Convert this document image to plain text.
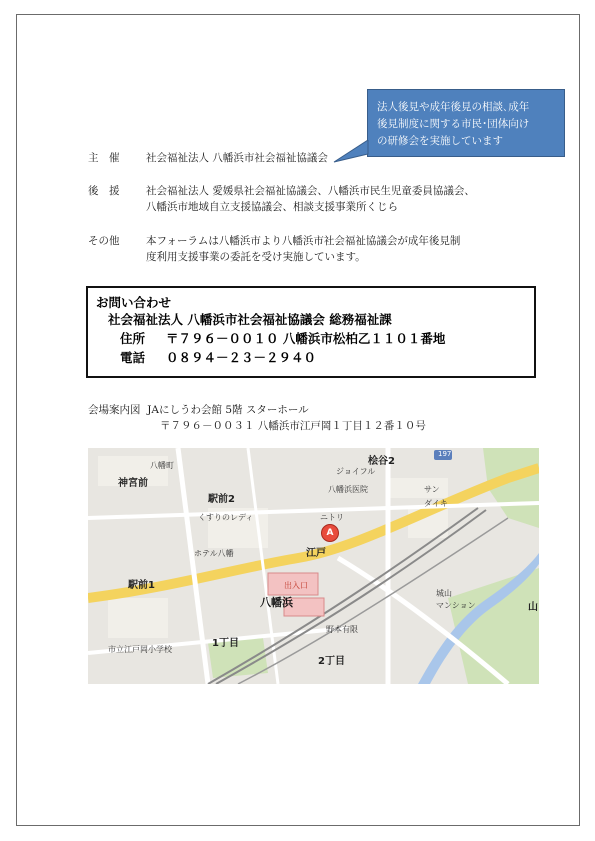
法人後見や成年後見の相談､成年
後見制度に関する市民･団体向け
の研修会を実施しています
主　催	社会福祉法人 八幡浜市社会福祉協議会
後　援	社会福祉法人 愛媛県社会福祉協議会、八幡浜市民生児童委員協議会、
八幡浜市地域自立支援協議会、相談支援事業所くじら
その他	本フォーラムは八幡浜市より八幡浜市社会福祉協議会が成年後見制
度利用支援事業の委託を受け実施しています。
お問い合わせ
社会福祉法人 八幡浜市社会福祉協議会 総務福祉課
住所 〒７９６－００１０ 八幡浜市松柏乙１１０１番地
電話 ０８９４－２３－２９４０
会場案内図 JAにしうわ会館 5階 スターホール
〒７９６－００３１ 八幡浜市江戸岡１丁目１２番１０号
神宮前
八幡町
駅前2
駅前1
桧谷2
江戸
八幡浜
1丁目
2丁目
山
城山
197
市立江戸岡小学校
ジョイフル
ホテル八幡
くすりのレディ
ダイキ
八幡浜医院
ニトリ
サン
マンション
野本有限
出入口
A
